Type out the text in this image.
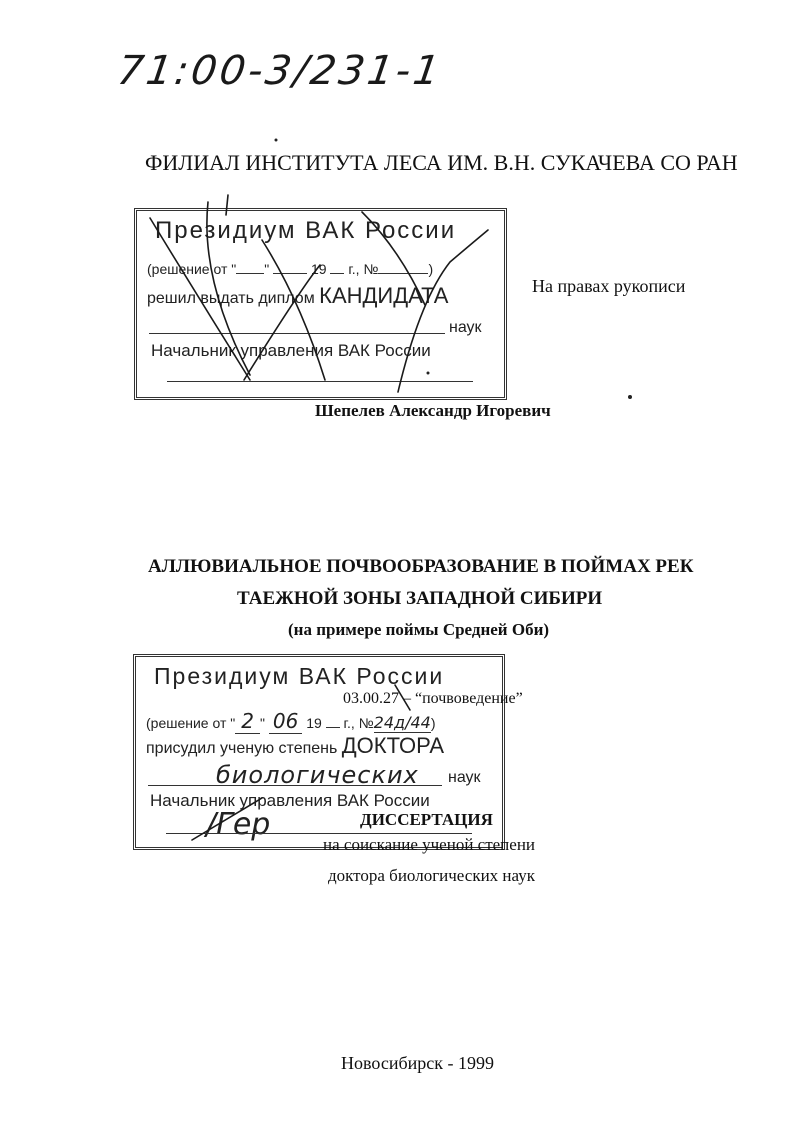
71:00-3/231-1
ФИЛИАЛ ИНСТИТУТА ЛЕСА ИМ. В.Н. СУКАЧЕВА СО РАН
Президиум ВАК России
(решение от " "	19 г., №	)
решил выдать диплом КАНДИДАТА
наук
Начальник управления ВАК России
На правах рукописи
Шепелев Александр Игоревич
АЛЛЮВИАЛЬНОЕ ПОЧВООБРАЗОВАНИЕ В ПОЙМАХ РЕК
ТАЕЖНОЙ ЗОНЫ ЗАПАДНОЙ СИБИРИ
(на примере поймы Средней Оби)
Президиум ВАК России
(решение от " 2 " 06 19 г., №24д/44)
присудил ученую степень ДОКТОРА
биологических наук
Начальник управления ВАК России
/Гер
03.00.27 – “почвоведение”
ДИССЕРТАЦИЯ
на соискание ученой степени
доктора биологических наук
Новосибирск - 1999
